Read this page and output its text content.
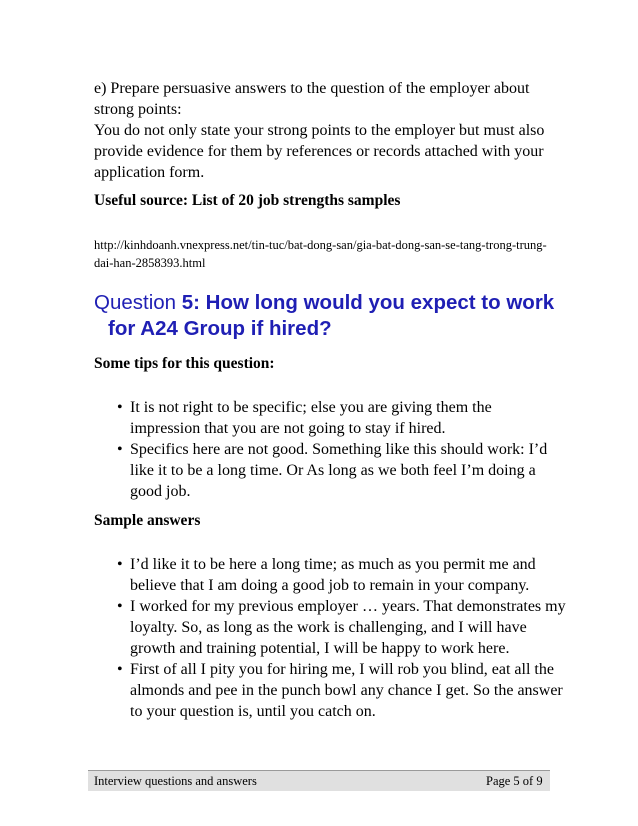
e) Prepare persuasive answers to the question of the employer about strong points:

You do not only state your strong points to the employer but must also provide evidence for them by references or records attached with your application form.

Useful source: List of 20 job strengths samples
http://kinhdoanh.vnexpress.net/tin-tuc/bat-dong-san/gia-bat-dong-san-se-tang-trong-trung-dai-han-2858393.html
Question 5: How long would you expect to work
for A24 Group if hired?
Some tips for this question:
• It is not right to be specific; else you are giving them the impression that you are not going to stay if hired.
• Specifics here are not good. Something like this should work: I’d like it to be a long time. Or As long as we both feel I’m doing a good job.
Sample answers
• I’d like it to be here a long time; as much as you permit me and believe that I am doing a good job to remain in your company.
• I worked for my previous employer … years. That demonstrates my loyalty. So, as long as the work is challenging, and I will have growth and training potential, I will be happy to work here.
• First of all I pity you for hiring me, I will rob you blind, eat all the almonds and pee in the punch bowl any chance I get. So the answer to your question is, until you catch on.
Interview questions and answers	Page 5 of 9
